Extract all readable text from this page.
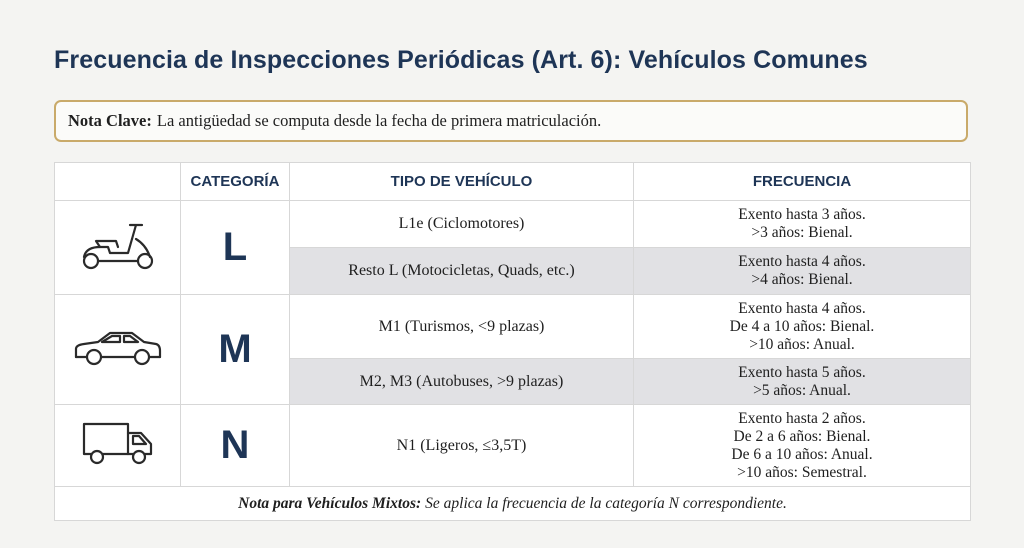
Frecuencia de Inspecciones Periódicas (Art. 6): Vehículos Comunes
Nota Clave: La antigüedad se computa desde la fecha de primera matriculación.
	CATEGORÍA	TIPO DE VEHÍCULO	FRECUENCIA
	L	L1e (Ciclomotores)	Exento hasta 3 años.
>3 años: Bienal.

		Resto L (Motocicletas, Quads, etc.)	Exento hasta 4 años.
>4 años: Bienal.

	M	M1 (Turismos, <9 plazas)	Exento hasta 4 años.
De 4 a 10 años: Bienal.
>10 años: Anual.

		M2, M3 (Autobuses, >9 plazas)	Exento hasta 5 años.
>5 años: Anual.

	N	N1 (Ligeros, ≤3,5T)	Exento hasta 2 años.
De 2 a 6 años: Bienal.
De 6 a 10 años: Anual.
>10 años: Semestral.

Nota para Vehículos Mixtos: Se aplica la frecuencia de la categoría N correspondiente.			
